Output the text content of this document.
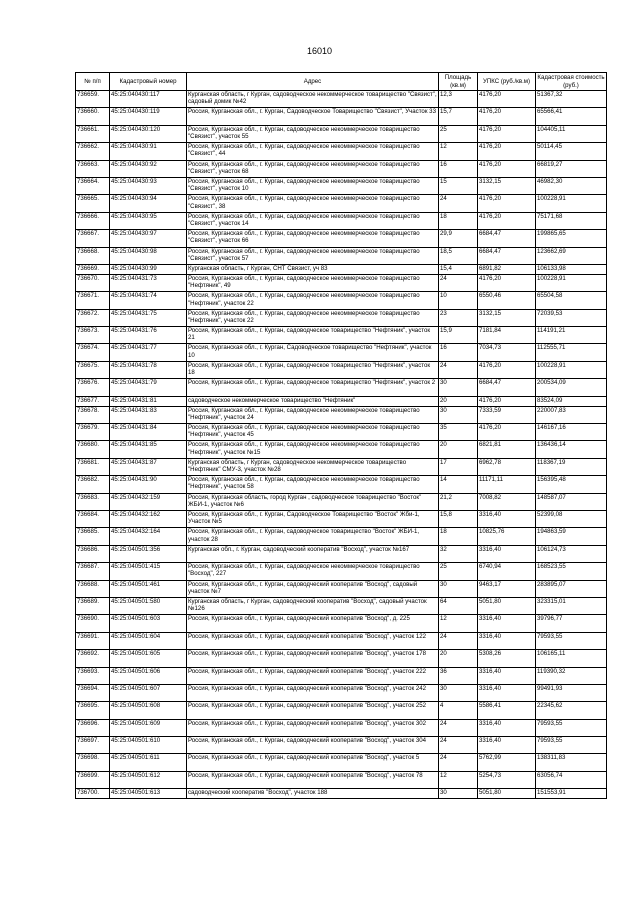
16010
№ п/п	Кадастровый номер	Адрес	Площадь (кв.м)	УПКС (руб./кв.м)	Кадастровая стоимость (руб.)
736659.	45:25:040430:117	Курганская область, г Курган, садоводческое некоммерческое товарищество "Связист", садовый домик №42	12,3	4176,20	51367,32
736660.	45:25:040430:119	Россия, Курганская обл., г. Курган, Садоводческое Товарищество "Связист", Участок 33	15,7	4176,20	65566,41
736661.	45:25:040430:120	Россия, Курганская обл., г. Курган, садоводческое некоммерческое товарищество "Связист", участок 55	25	4176,20	104405,11
736662.	45:25:040430:91	Россия, Курганская обл., г. Курган, садоводческое некоммерческое товарищество "Связист", 44	12	4176,20	50114,45
736663.	45:25:040430:92	Россия, Курганская обл., г. Курган, садоводческое некоммерческое товарищество "Связист", участок 68	16	4176,20	66819,27
736664.	45:25:040430:93	Россия, Курганская обл., г. Курган, садоводческое некоммерческое товарищество "Связист", участок 10	15	3132,15	46982,30
736665.	45:25:040430:94	Россия, Курганская обл., г. Курган, садоводческое некоммерческое товарищество "Связист", 38	24	4176,20	100228,91
736666.	45:25:040430:95	Россия, Курганская обл., г. Курган, садоводческое некоммерческое товарищество "Связист", участок 14	18	4176,20	75171,68
736667.	45:25:040430:97	Россия, Курганская обл., г. Курган, садоводческое некоммерческое товарищество "Связист", участок 66	29,9	6684,47	199865,65
736668.	45:25:040430:98	Россия, Курганская обл., г. Курган, садоводческое некоммерческое товарищество "Связист", участок 57	18,5	6684,47	123662,69
736669.	45:25:040430:99	Курганская область, г Курган, СНТ Связист, уч 83	15,4	6891,82	106133,98
736670.	45:25:040431:73	Россия, Курганская обл., г. Курган, садоводческое некоммерческое товарищество "Нефтяник", 49	24	4176,20	100228,91
736671.	45:25:040431:74	Россия, Курганская обл., г. Курган, садоводческое некоммерческое товарищество "Нефтяник", участок 22	10	6550,46	65504,58
736672.	45:25:040431:75	Россия, Курганская обл., г. Курган, садоводческое некоммерческое товарищество "Нефтяник", участок 22	23	3132,15	72039,53
736673.	45:25:040431:76	Россия, Курганская обл., г. Курган, садоводческое товарищество "Нефтяник", участок 21	15,9	7181,84	114191,21
736674.	45:25:040431:77	Россия, Курганская обл., г. Курган, Садоводческое товарищество "Нефтяник", участок 10	16	7034,73	112555,71
736675.	45:25:040431:78	Россия, Курганская обл., г. Курган, садоводческое товарищество "Нефтяник", участок 18	24	4176,20	100228,91
736676.	45:25:040431:79	Россия, Курганская обл., г. Курган, садоводческое товарищество "Нефтяник", участок 2	30	6684,47	200534,09
736677.	45:25:040431:81	садоводческое некоммерческое товарищество "Нефтяник"	20	4176,20	83524,09
736678.	45:25:040431:83	Россия, Курганская обл., г. Курган, садоводческое некоммерческое товарищество "Нефтяник", участок 24	30	7333,59	220007,83
736679.	45:25:040431:84	Россия, Курганская обл., г. Курган, садоводческое некоммерческое товарищество "Нефтяник", участок 45	35	4176,20	146167,16
736680.	45:25:040431:85	Россия, Курганская обл., г. Курган, садоводческое некоммерческое товарищество "Нефтяник", участок №15	20	6821,81	136436,14
736681.	45:25:040431:87	Курганская область, г Курган, садоводческое некоммерческое товарищество "Нефтяник" СМУ-3, участок №28	17	6962,78	118367,19
736682.	45:25:040431:90	Россия, Курганская обл., г. Курган, садоводческое некоммерческое товарищество "Нефтяник", участок 58	14	11171,11	156395,48
736683.	45:25:040432:159	Россия, Курганская область, город Курган , садоводческое товарищество "Восток" ЖБИ-1, участок №6	21,2	7008,82	148587,07
736684.	45:25:040432:162	Россия, Курганская обл., г. Курган, Садоводческое Товарищество "Восток" Жби-1, Участок №5	15,8	3316,40	52399,08
736685.	45:25:040432:164	Россия, Курганская обл., г. Курган, садоводческое товарищество "Восток" ЖБИ-1, участок 28	18	10825,76	194863,59
736686.	45:25:040501:356	Курганская обл., г. Курган, садоводческий кооператив "Восход", участок №167	32	3316,40	106124,73
736687.	45:25:040501:415	Россия, Курганская обл., г. Курган, садоводческое некоммерческое товарищество "Восход", 227	25	6740,94	168523,55
736688.	45:25:040501:461	Россия, Курганская обл., г. Курган, садоводческий кооператив "Восход", садовый участок №7	30	9463,17	283895,07
736689.	45:25:040501:580	Курганская область, г Курган, садоводческий кооператив "Восход", садовый участок №126	64	5051,80	323315,01
736690.	45:25:040501:603	Россия, Курганская обл., г. Курган, садоводческий кооператив "Восход", д. 225	12	3316,40	39796,77
736691.	45:25:040501:604	Россия, Курганская обл., г. Курган, садоводческий кооператив "Восход", участок 122	24	3316,40	79593,55
736692.	45:25:040501:605	Россия, Курганская обл., г. Курган, садоводческий кооператив "Восход", участок 178	20	5308,26	106165,11
736693.	45:25:040501:606	Россия, Курганская обл., г. Курган, садоводческий кооператив "Восход", участок 222	36	3316,40	119390,32
736694.	45:25:040501:607	Россия, Курганская обл., г. Курган, садоводческий кооператив "Восход", участок 242	30	3316,40	99491,93
736695.	45:25:040501:608	Россия, Курганская обл., г. Курган, садоводческий кооператив "Восход", участок 252	4	5586,41	22345,62
736696.	45:25:040501:609	Россия, Курганская обл., г. Курган, садоводческий кооператив "Восход", участок 302	24	3316,40	79593,55
736697.	45:25:040501:610	Россия, Курганская обл., г. Курган, садоводческий кооператив "Восход", участок 304	24	3316,40	79593,55
736698.	45:25:040501:611	Россия, Курганская обл., г. Курган, садоводческий кооператив "Восход", участок 5	24	5762,99	138311,83
736699.	45:25:040501:612	Россия, Курганская обл., г. Курган, садоводческий кооператив "Восход", участок 78	12	5254,73	63056,74
736700.	45:25:040501:613	садоводческий кооператив "Восход", участок 188	30	5051,80	151553,91
